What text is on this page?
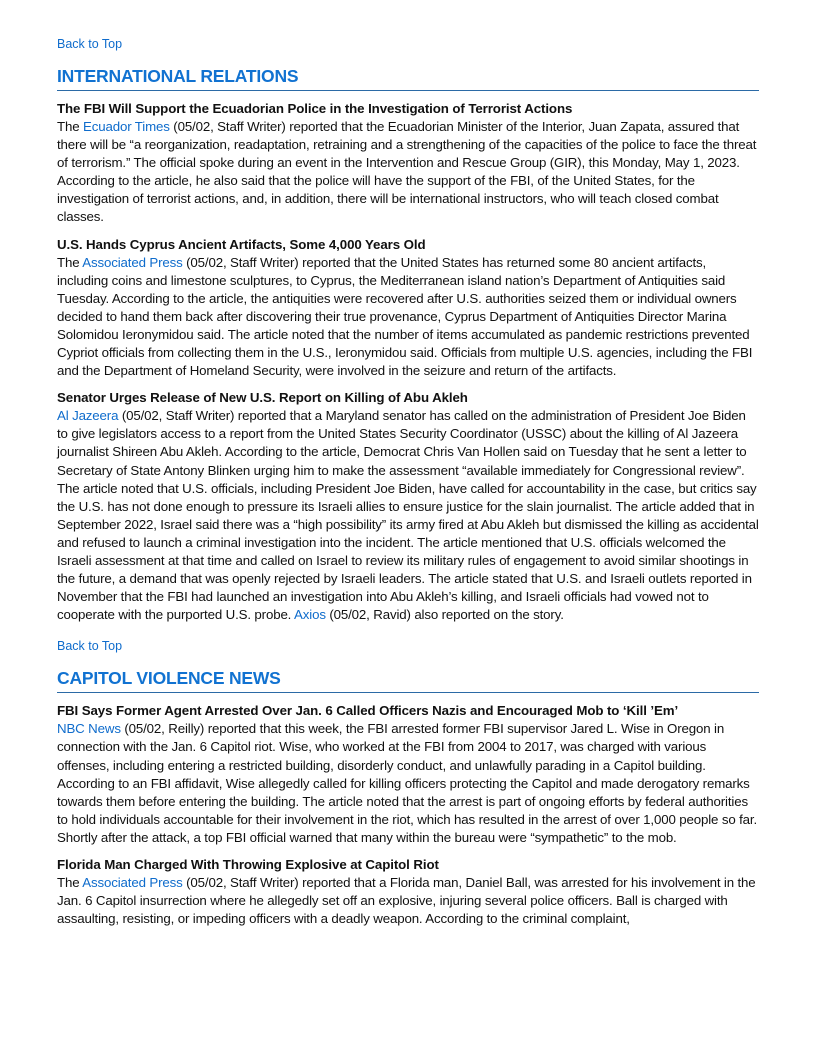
Back to Top
INTERNATIONAL RELATIONS
The FBI Will Support the Ecuadorian Police in the Investigation of Terrorist Actions
The Ecuador Times (05/02, Staff Writer) reported that the Ecuadorian Minister of the Interior, Juan Zapata, assured that there will be “a reorganization, readaptation, retraining and a strengthening of the capacities of the police to face the threat of terrorism.” The official spoke during an event in the Intervention and Rescue Group (GIR), this Monday, May 1, 2023. According to the article, he also said that the police will have the support of the FBI, of the United States, for the investigation of terrorist actions, and, in addition, there will be international instructors, who will teach closed combat classes.
U.S. Hands Cyprus Ancient Artifacts, Some 4,000 Years Old
The Associated Press (05/02, Staff Writer) reported that the United States has returned some 80 ancient artifacts, including coins and limestone sculptures, to Cyprus, the Mediterranean island nation’s Department of Antiquities said Tuesday. According to the article, the antiquities were recovered after U.S. authorities seized them or individual owners decided to hand them back after discovering their true provenance, Cyprus Department of Antiquities Director Marina Solomidou Ieronymidou said. The article noted that the number of items accumulated as pandemic restrictions prevented Cypriot officials from collecting them in the U.S., Ieronymidou said. Officials from multiple U.S. agencies, including the FBI and the Department of Homeland Security, were involved in the seizure and return of the artifacts.
Senator Urges Release of New U.S. Report on Killing of Abu Akleh
Al Jazeera (05/02, Staff Writer) reported that a Maryland senator has called on the administration of President Joe Biden to give legislators access to a report from the United States Security Coordinator (USSC) about the killing of Al Jazeera journalist Shireen Abu Akleh. According to the article, Democrat Chris Van Hollen said on Tuesday that he sent a letter to Secretary of State Antony Blinken urging him to make the assessment “available immediately for Congressional review”. The article noted that U.S. officials, including President Joe Biden, have called for accountability in the case, but critics say the U.S. has not done enough to pressure its Israeli allies to ensure justice for the slain journalist. The article added that in September 2022, Israel said there was a “high possibility” its army fired at Abu Akleh but dismissed the killing as accidental and refused to launch a criminal investigation into the incident. The article mentioned that U.S. officials welcomed the Israeli assessment at that time and called on Israel to review its military rules of engagement to avoid similar shootings in the future, a demand that was openly rejected by Israeli leaders. The article stated that U.S. and Israeli outlets reported in November that the FBI had launched an investigation into Abu Akleh’s killing, and Israeli officials had vowed not to cooperate with the purported U.S. probe. Axios (05/02, Ravid) also reported on the story.
Back to Top
CAPITOL VIOLENCE NEWS
FBI Says Former Agent Arrested Over Jan. 6 Called Officers Nazis and Encouraged Mob to ‘Kill ’Em’
NBC News (05/02, Reilly) reported that this week, the FBI arrested former FBI supervisor Jared L. Wise in Oregon in connection with the Jan. 6 Capitol riot. Wise, who worked at the FBI from 2004 to 2017, was charged with various offenses, including entering a restricted building, disorderly conduct, and unlawfully parading in a Capitol building. According to an FBI affidavit, Wise allegedly called for killing officers protecting the Capitol and made derogatory remarks towards them before entering the building. The article noted that the arrest is part of ongoing efforts by federal authorities to hold individuals accountable for their involvement in the riot, which has resulted in the arrest of over 1,000 people so far. Shortly after the attack, a top FBI official warned that many within the bureau were “sympathetic” to the mob.
Florida Man Charged With Throwing Explosive at Capitol Riot
The Associated Press (05/02, Staff Writer) reported that a Florida man, Daniel Ball, was arrested for his involvement in the Jan. 6 Capitol insurrection where he allegedly set off an explosive, injuring several police officers. Ball is charged with assaulting, resisting, or impeding officers with a deadly weapon. According to the criminal complaint,
